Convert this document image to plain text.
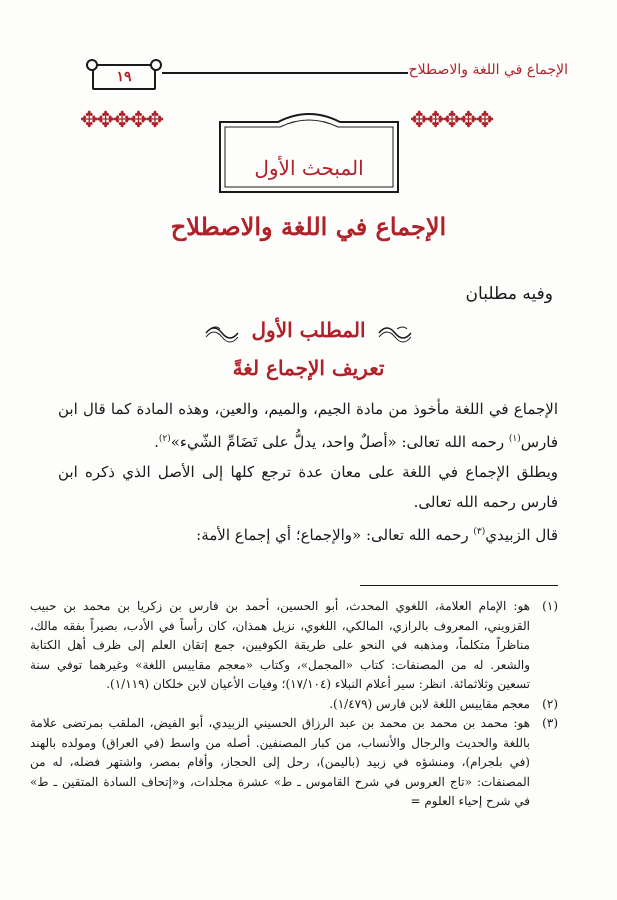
الإجماع في اللغة والاصطلاح
١٩
✥✥✥✥✥	✥✥✥✥✥
المبحث الأول
الإجماع في اللغة والاصطلاح
وفيه مطلبان
المطلب الأول
تعريف الإجماع لغةً

الإجماع في اللغة مأخوذ من مادة الجيم، والميم، والعين، وهذه المادة كما قال ابن فارس$^{(١)}$ رحمه الله تعالى: «أصلٌ واحد، يدلُّ على تَضَامِّ الشّيء»$^{(٢)}$.

ويطلق الإجماع في اللغة على معان عدة ترجع كلها إلى الأصل الذي ذكره ابن فارس رحمه الله تعالى.

قال الزبيدي$^{(٣)}$ رحمه الله تعالى: «والإجماع؛ أي إجماع الأمة:

(١)
هو: الإمام العلامة، اللغوي المحدث، أبو الحسين، أحمد بن فارس بن زكريا بن محمد بن حبيب القزويني، المعروف بالرازي، المالكي، اللغوي، نزيل همذان، كان رأساً في الأدب، بصيراً بفقه مالك، مناظراً متكلماً، ومذهبه في النحو على طريقة الكوفيين، جمع إتقان العلم إلى ظرف أهل الكتابة والشعر. له من المصنفات: كتاب «المجمل»، وكتاب «معجم مقاييس اللغة» وغيرهما توفي سنة تسعين وثلاثمائة. انظر: سير أعلام النبلاء (١٧/١٠٤)؛ وفيات الأعيان لابن خلكان (١/١١٩).
(٢)
معجم مقاييس اللغة لابن فارس (١/٤٧٩).
(٣)
هو: محمد بن محمد بن محمد بن عبد الرزاق الحسيني الزبيدي، أبو الفيض، الملقب بمرتضى علامة باللغة والحديث والرجال والأنساب، من كبار المصنفين. أصله من واسط (في العراق) ومولده بالهند (في بلجرام)، ومنشؤه في زبيد (باليمن)، رحل إلى الحجاز، وأقام بمصر، واشتهر فضله، له من المصنفات: «تاج العروس في شرح القاموس ـ ط» عشرة مجلدات، و«إتحاف السادة المتقين ـ ط» في شرح إحياء العلوم =
